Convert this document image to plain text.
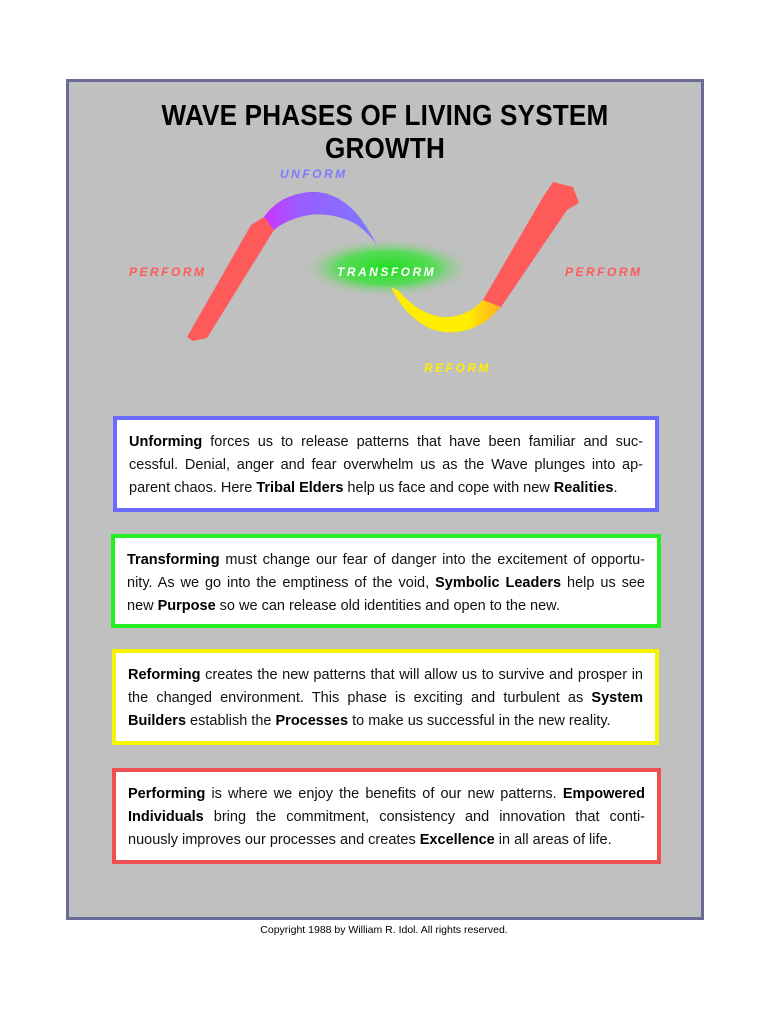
WAVE PHASES OF LIVING SYSTEM GROWTH
UNFORM
TRANSFORM
PERFORM	PERFORM
REFORM
Unforming forces us to release patterns that have been familiar and suc-cessful. Denial, anger and fear overwhelm us as the Wave plunges into ap-parent chaos. Here Tribal Elders help us face and cope with new Realities.
Transforming must change our fear of danger into the excitement of opportu-nity. As we go into the emptiness of the void, Symbolic Leaders help us see new Purpose so we can release old identities and open to the new.
Reforming creates the new patterns that will allow us to survive and prosper in the changed environment. This phase is exciting and turbulent as System Builders establish the Processes to make us successful in the new reality.
Performing is where we enjoy the benefits of our new patterns. Empowered Individuals bring the commitment, consistency and innovation that conti-nuously improves our processes and creates Excellence in all areas of life.
Copyright 1988 by William R. Idol. All rights reserved.
